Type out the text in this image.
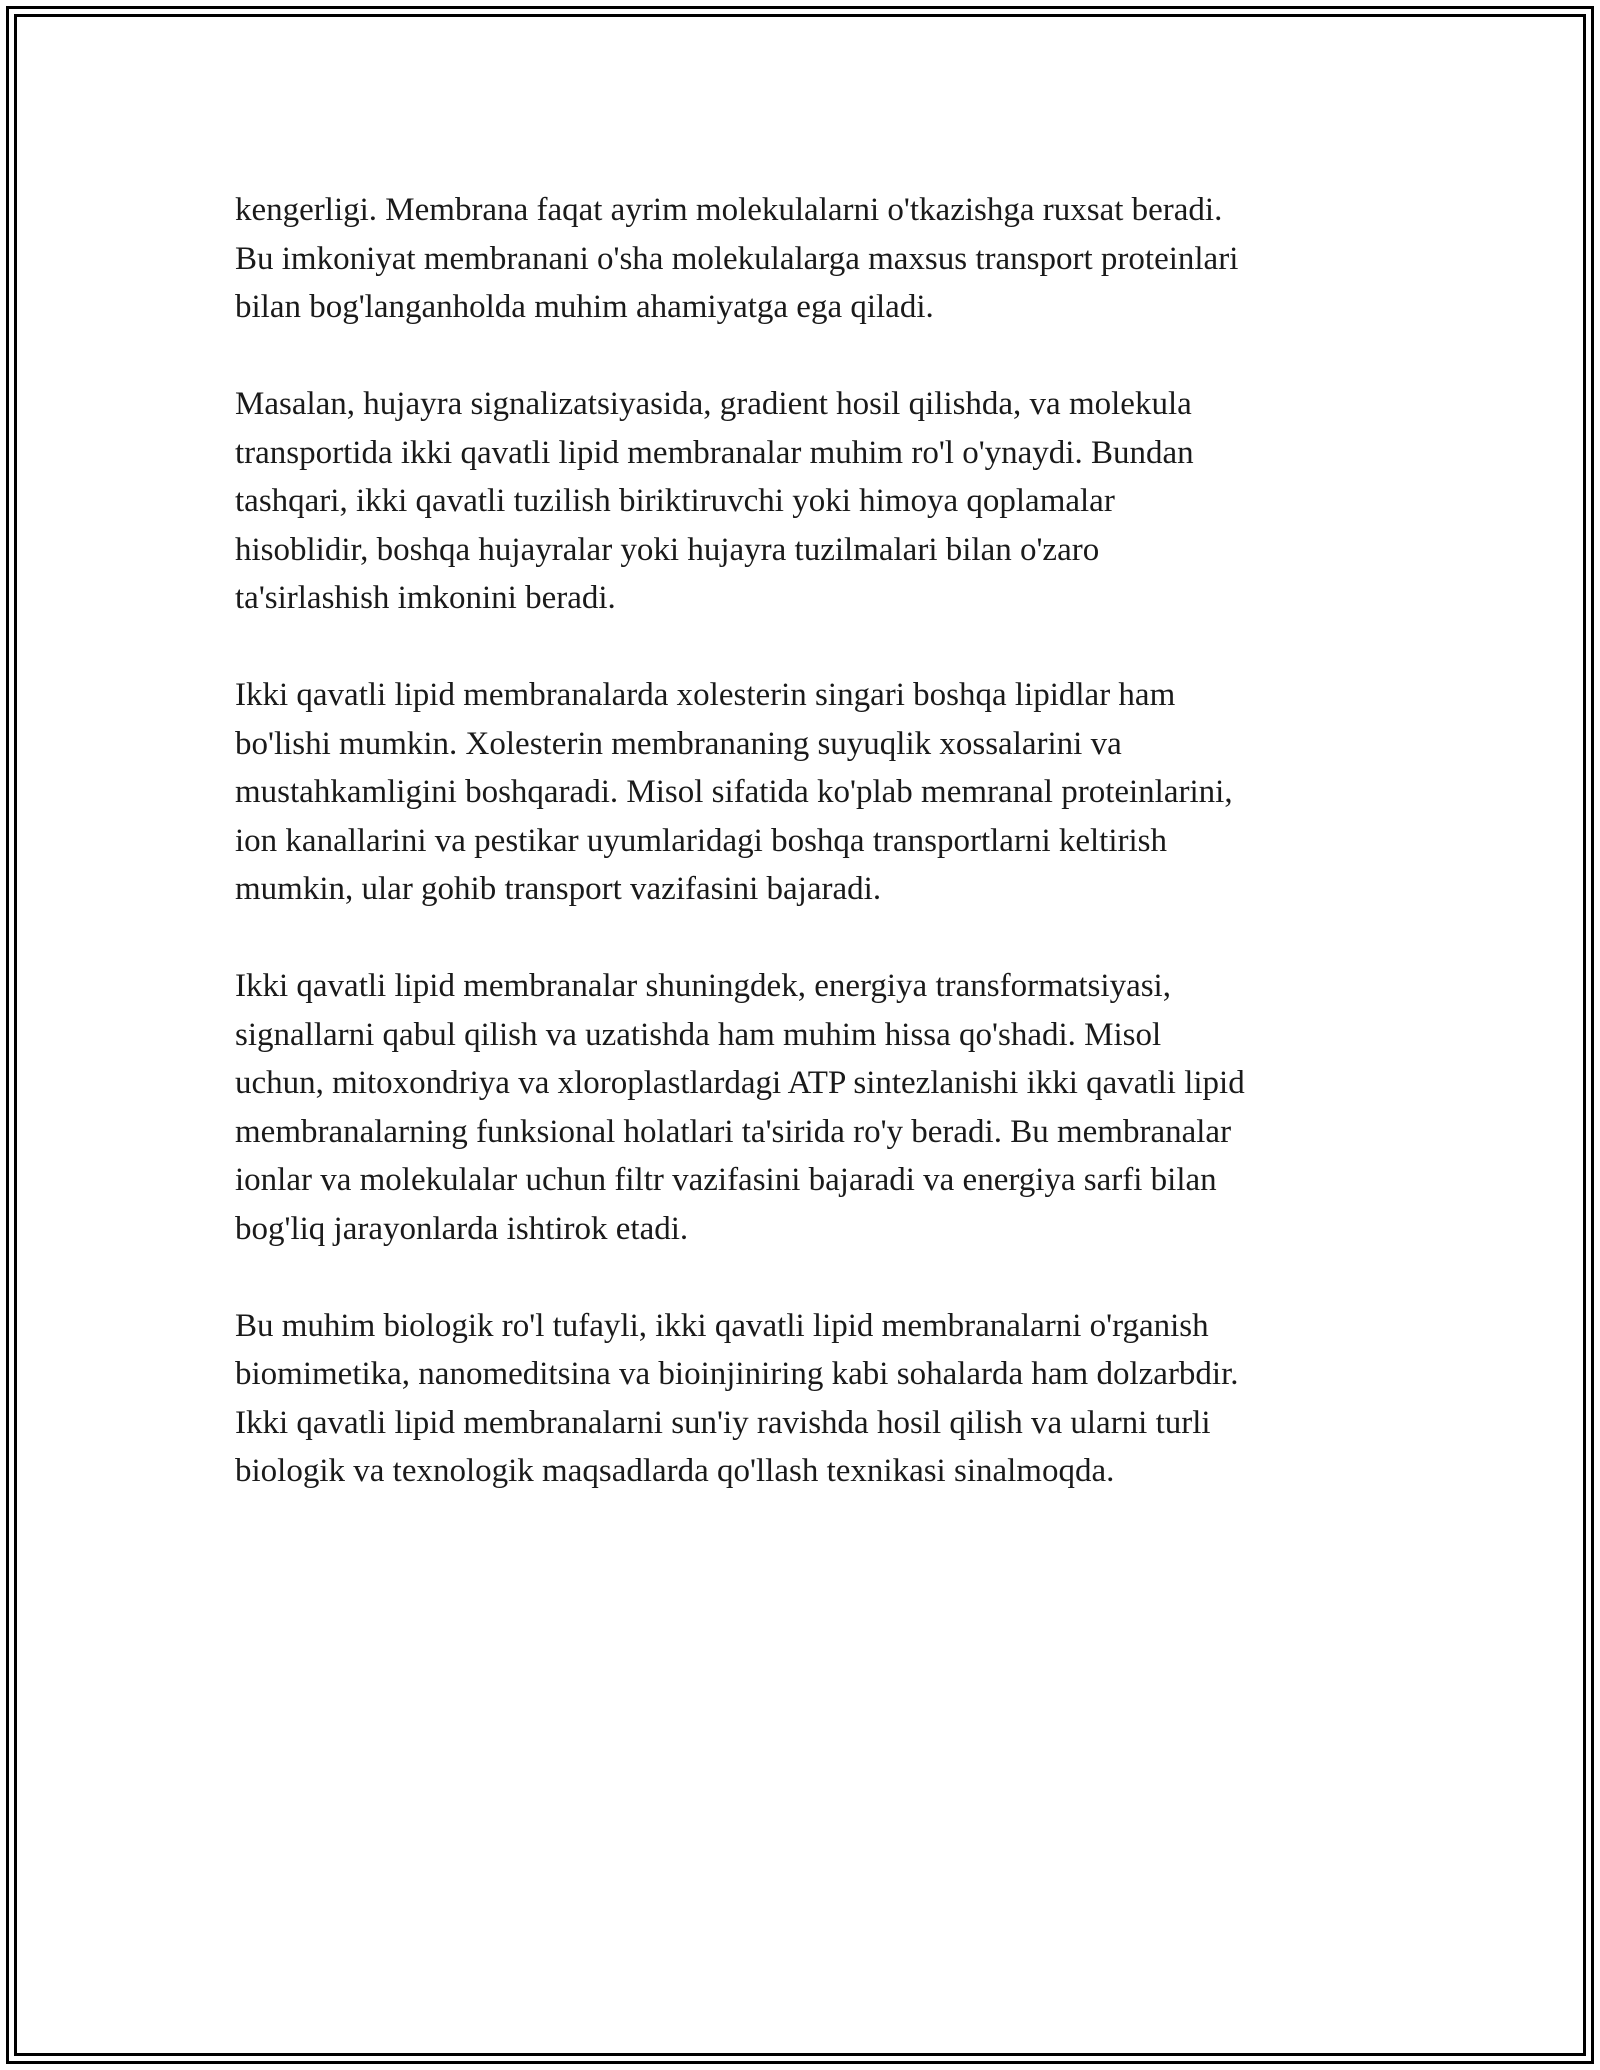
kengerligi. Membrana faqat ayrim molekulalarni o'tkazishga ruxsat beradi.
Bu imkoniyat membranani o'sha molekulalarga maxsus transport proteinlari
bilan bog'langanholda muhim ahamiyatga ega qiladi.

Masalan, hujayra signalizatsiyasida, gradient hosil qilishda, va molekula
transportida ikki qavatli lipid membranalar muhim ro'l o'ynaydi. Bundan
tashqari, ikki qavatli tuzilish biriktiruvchi yoki himoya qoplamalar
hisoblidir, boshqa hujayralar yoki hujayra tuzilmalari bilan o'zaro
ta'sirlashish imkonini beradi.

Ikki qavatli lipid membranalarda xolesterin singari boshqa lipidlar ham
bo'lishi mumkin. Xolesterin membrananing suyuqlik xossalarini va
mustahkamligini boshqaradi. Misol sifatida ko'plab memranal proteinlarini,
ion kanallarini va pestikar uyumlaridagi boshqa transportlarni keltirish
mumkin, ular gohib transport vazifasini bajaradi.

Ikki qavatli lipid membranalar shuningdek, energiya transformatsiyasi,
signallarni qabul qilish va uzatishda ham muhim hissa qo'shadi. Misol
uchun, mitoxondriya va xloroplastlardagi ATP sintezlanishi ikki qavatli lipid
membranalarning funksional holatlari ta'sirida ro'y beradi. Bu membranalar
ionlar va molekulalar uchun filtr vazifasini bajaradi va energiya sarfi bilan
bog'liq jarayonlarda ishtirok etadi.

Bu muhim biologik ro'l tufayli, ikki qavatli lipid membranalarni o'rganish
biomimetika, nanomeditsina va bioinjiniring kabi sohalarda ham dolzarbdir.
Ikki qavatli lipid membranalarni sun'iy ravishda hosil qilish va ularni turli
biologik va texnologik maqsadlarda qo'llash texnikasi sinalmoqda.
